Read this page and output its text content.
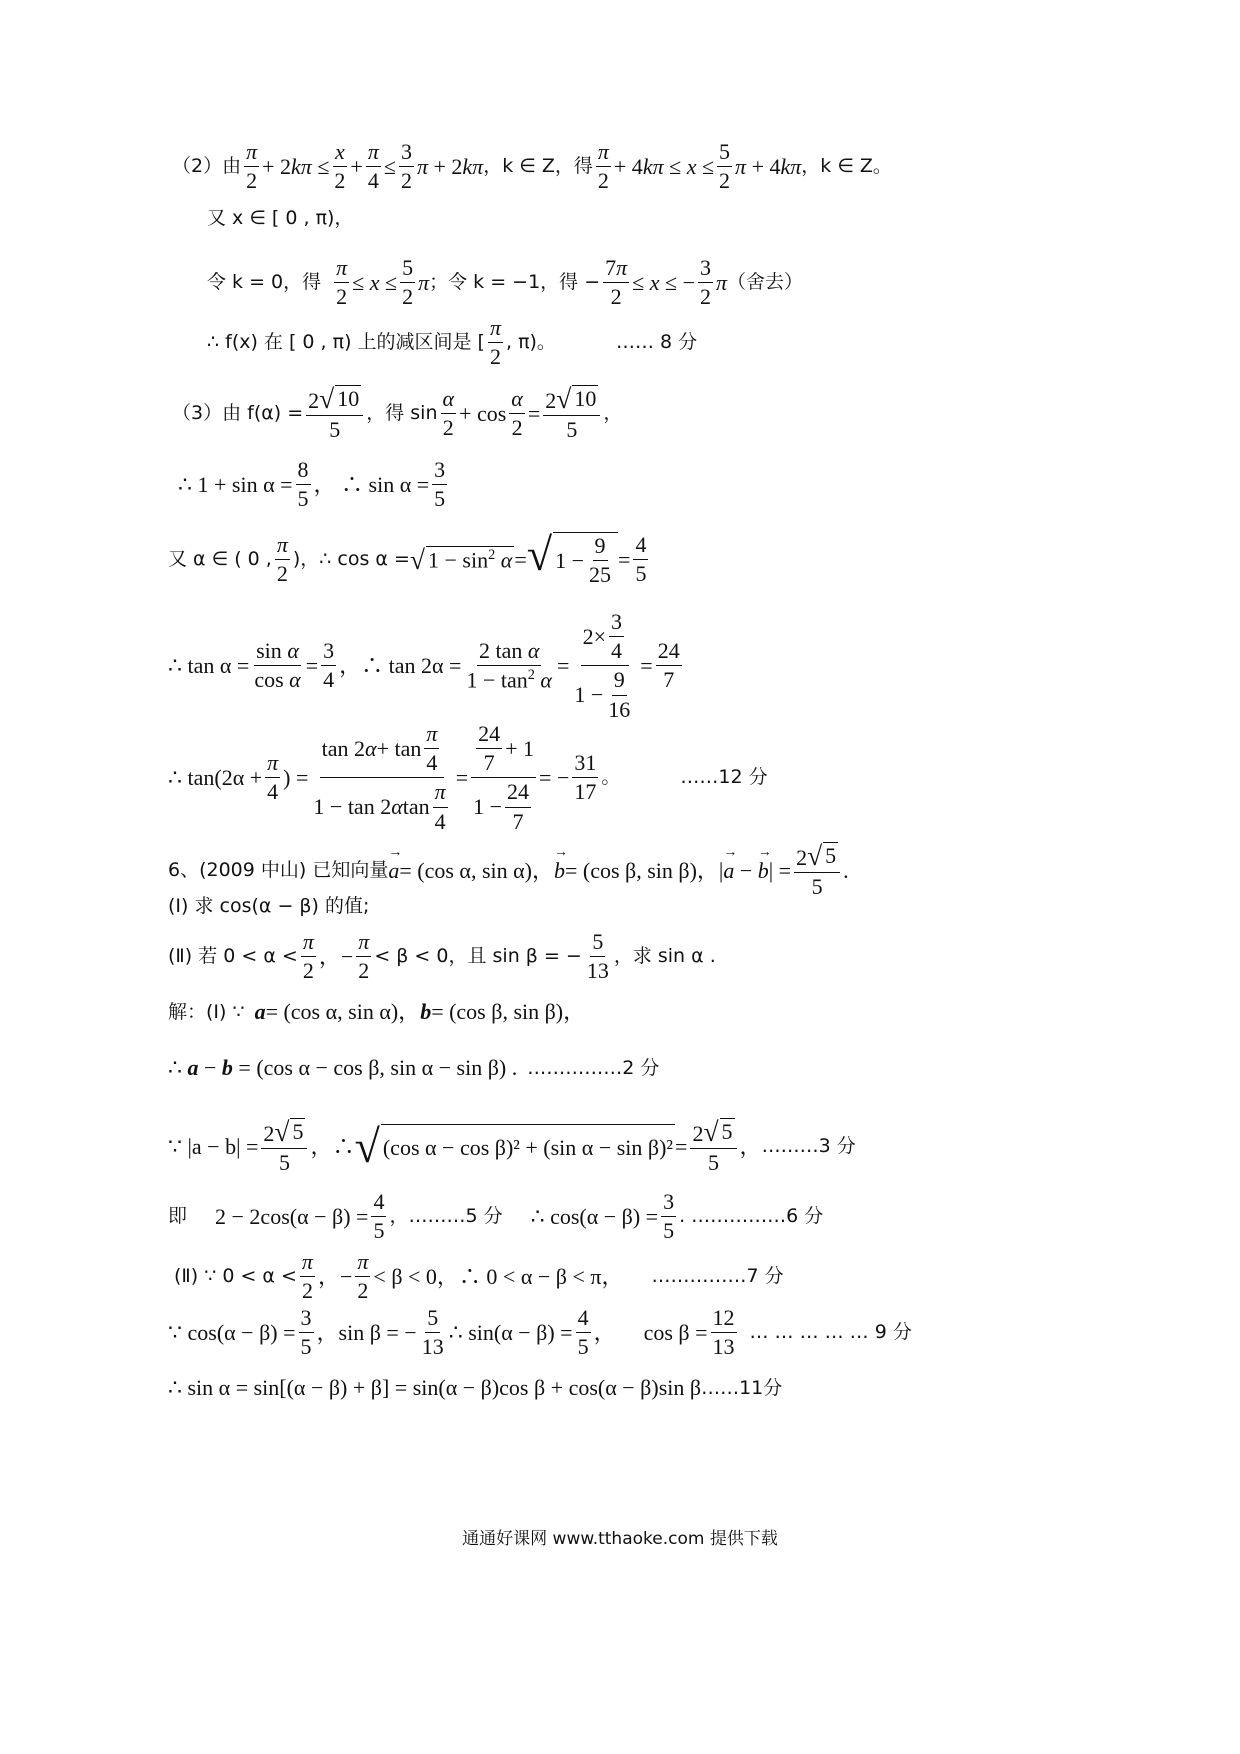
（2）由 $\frac{\pi}{2} + 2k\pi \le \frac{x}{2} + \frac{\pi}{4} \le \frac{3}{2}$ π + 2kπ ，k ∈ Z，得 $\frac{\pi}{2} + 4k\pi \le x \le \frac{5}{2}$ π + 4kπ ，k ∈ Z。
又 x ∈ [ 0 , π)，
令 k = 0，得 $\frac{\pi}{2} \le x \le \frac{5}{2}$ π ；令 k = −1，得 − $\frac{7\pi}{2} \le x$ ≤ − $\frac{3}{2}$ π （舍去）
∴ f(x) 在 [ 0 , π) 上的减区间是 [ $\frac{\pi}{2}$ , π)。	…… 8 分
（3）由 $f(\alpha) = \frac{2 √ 10}{5}$ ，得 $\sin \frac{\alpha}{2} + \cos \frac{\alpha}{2} = \frac{2 √ 10}{5}$ ，
∴ $1 + \sin \alpha = \frac{8}{5}$ ， ∴ $\sin \alpha = \frac{3}{5}$
又 α ∈ ( 0 , $\frac{\pi}{2}$ )，∴ cos α = √ $1 - \sin^2 \alpha$ = √ $1 - \frac{9}{25} = \frac{4}{5}$
∴ $\tan \alpha = \frac{\text{sin α}}{\text{cos α}} = \frac{3}{4}$ ，∴ $\tan 2\alpha = \frac{\text{2 tan α}}{1 - \tan^2 \alpha} = \frac{2\times \frac{3}{4}}{1 - \frac{9}{16}} = \frac{24}{7}$
∴ $\tan(2\alpha + \frac{\pi}{4}$ ) = $\frac{\tan 2 \alpha + \tan \frac{\pi}{4}}{1 - \tan 2 \alpha \tan \frac{\pi}{4}} = \frac{\frac{24}{7} + 1}{1 - \frac{24}{7}}$ = − $\frac{31}{17}$ 。	……12 分
6、(2009 中山) 已知向量 → a = (cos α, sin α)， → b = (cos β, sin β)，| → a − → b | = $\frac{2 √ 5}{5}$ .
(Ⅰ) 求 cos(α − β) 的值;
(Ⅱ) 若 $0 < \alpha < \frac{\pi}{2}$ ，− $\frac{\pi}{2} < \beta < 0$，且 sin β = − $\frac{5}{13}$ ，求 sin α .
解：(Ⅰ) ∵ a = (cos α, sin α)， b = (cos β, sin β)，
∴ a − b
= (cos α − cos β, sin α − sin β) . ……………2 分
∵ $|a - b| = \frac{2 √ 5}{5}$ ，∴ √ (cos α − cos β)² + (sin $\alpha - \sin \beta)^2 = \frac{2 √ 5}{5}$ ， ………3 分
即 $2 - 2\cos(\alpha - \beta) = \frac{4}{5}$ ，………5 分 ∴ $\cos(\alpha - \beta) = \frac{3}{5}$ . ……………6 分
(Ⅱ) ∵ $0 < \alpha < \frac{\pi}{2}$ ，− $\frac{\pi}{2} < \beta < 0$，∴ 0 < α − β < π， ……………7 分
∵ $\cos(\alpha - \beta) = \frac{3}{5}$ ，sin β = − $\frac{5}{13}$ ∴ $\sin(\alpha - \beta) = \frac{4}{5}$ ， $\cos \beta = \frac{12}{13}$ … … … … … 9 分
∴ sin α = sin[(α − β) + β] = sin(α − β)cos β + cos(α − β)sin β ……11分
通通好课网 www.tthaoke.com 提供下载
